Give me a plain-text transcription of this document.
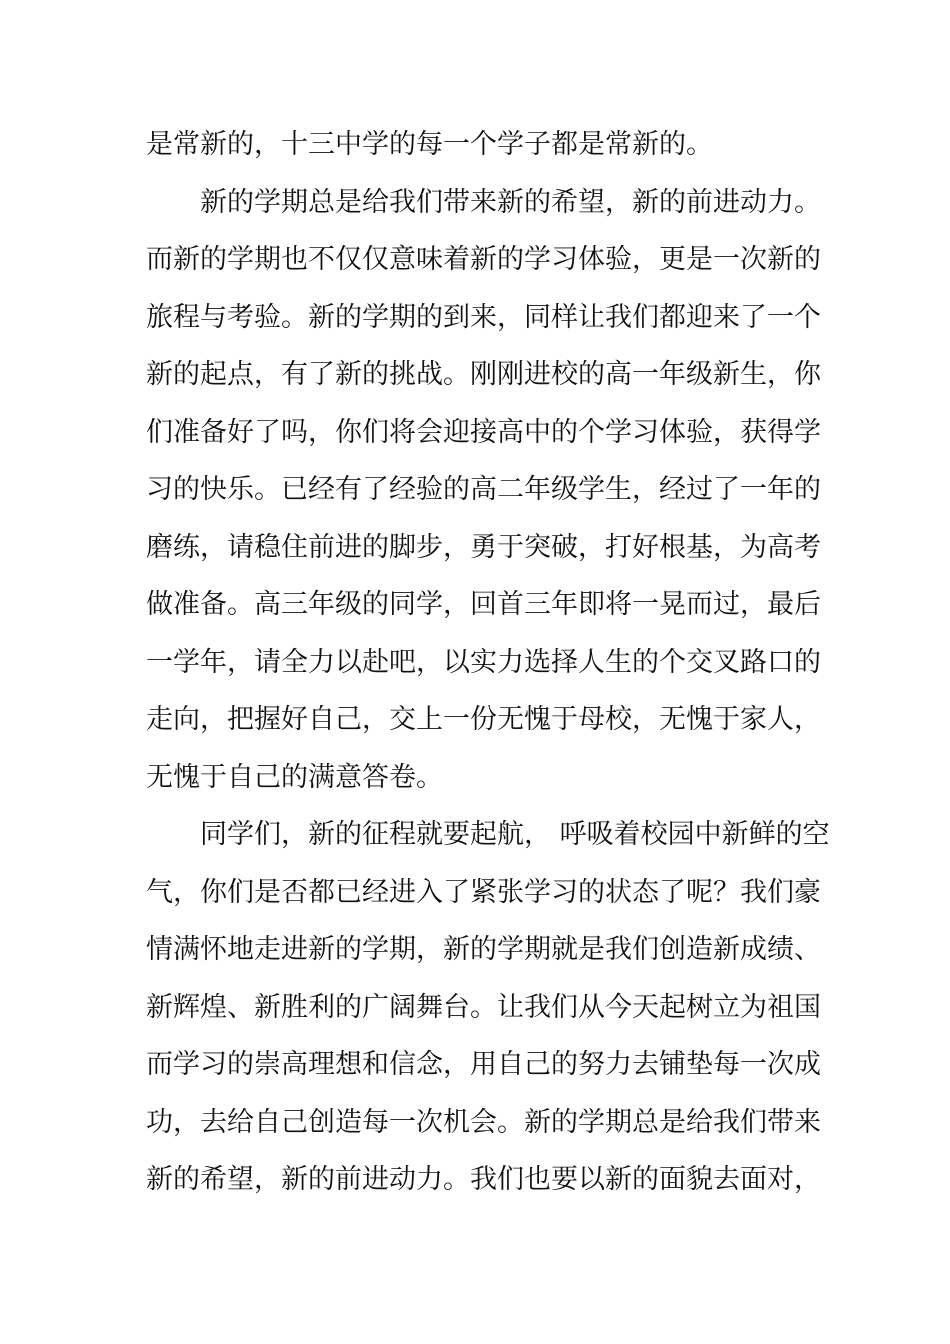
是常新的，十三中学的每一个学子都是常新的。
新的学期总是给我们带来新的希望，新的前进动力。
而新的学期也不仅仅意味着新的学习体验，更是一次新的
旅程与考验。新的学期的到来，同样让我们都迎来了一个
新的起点，有了新的挑战。刚刚进校的高一年级新生，你
们准备好了吗，你们将会迎接高中的个学习体验，获得学
习的快乐。已经有了经验的高二年级学生，经过了一年的
磨练，请稳住前进的脚步，勇于突破，打好根基，为高考
做准备。高三年级的同学，回首三年即将一晃而过，最后
一学年，请全力以赴吧，以实力选择人生的个交叉路口的
走向，把握好自己，交上一份无愧于母校，无愧于家人，
无愧于自己的满意答卷。
同学们，新的征程就要起航， 呼吸着校园中新鲜的空
气，你们是否都已经进入了紧张学习的状态了呢？我们豪
情满怀地走进新的学期，新的学期就是我们创造新成绩、
新辉煌、新胜利的广阔舞台。让我们从今天起树立为祖国
而学习的崇高理想和信念，用自己的努力去铺垫每一次成
功，去给自己创造每一次机会。新的学期总是给我们带来
新的希望，新的前进动力。我们也要以新的面貌去面对，
